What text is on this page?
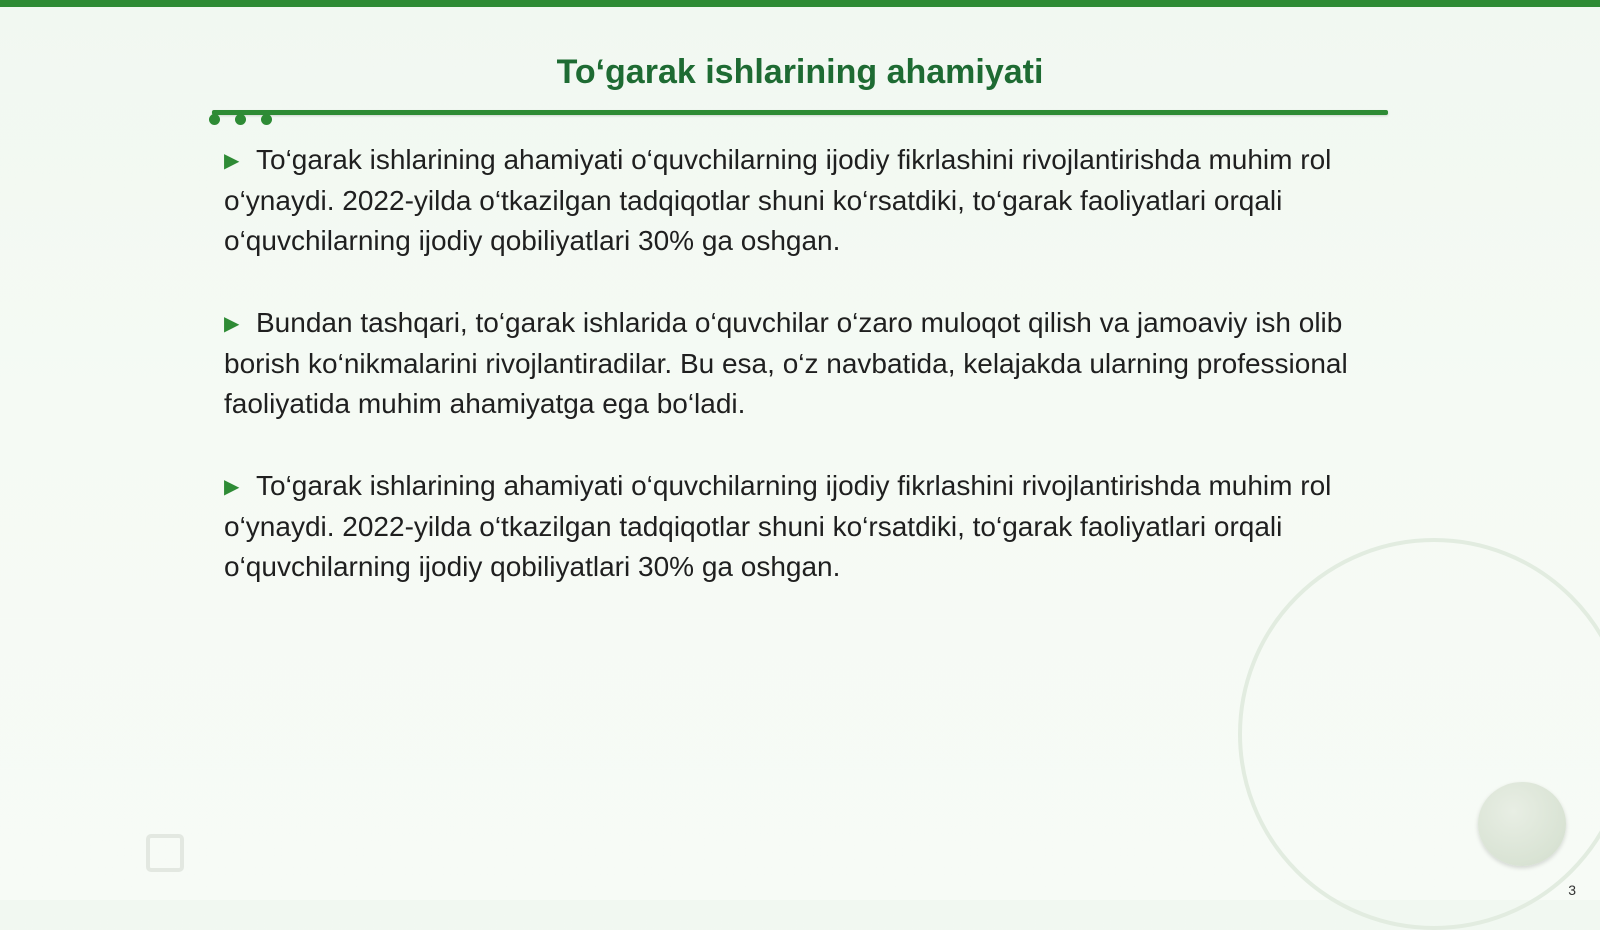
To‘garak ishlarining ahamiyati

▶ To‘garak ishlarining ahamiyati o‘quvchilarning ijodiy fikrlashini rivojlantirishda muhim rol o‘ynaydi. 2022-yilda o‘tkazilgan tadqiqotlar shuni ko‘rsatdiki, to‘garak faoliyatlari orqali o‘quvchilarning ijodiy qobiliyatlari 30% ga oshgan.

▶ Bundan tashqari, to‘garak ishlarida o‘quvchilar o‘zaro muloqot qilish va jamoaviy ish olib borish ko‘nikmalarini rivojlantiradilar. Bu esa, o‘z navbatida, kelajakda ularning professional faoliyatida muhim ahamiyatga ega bo‘ladi.

▶ To‘garak ishlarining ahamiyati o‘quvchilarning ijodiy fikrlashini rivojlantirishda muhim rol o‘ynaydi. 2022-yilda o‘tkazilgan tadqiqotlar shuni ko‘rsatdiki, to‘garak faoliyatlari orqali o‘quvchilarning ijodiy qobiliyatlari 30% ga oshgan.

3
